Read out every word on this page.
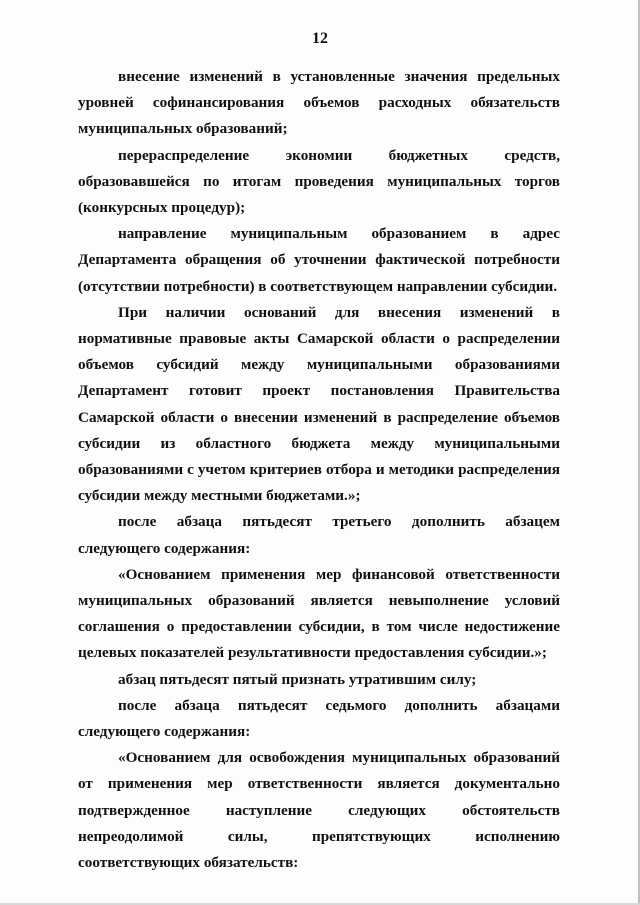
12

внесение изменений в установленные значения предельных уровней софинансирования объемов расходных обязательств муниципальных образований;

перераспределение экономии бюджетных средств, образовавшейся по итогам проведения муниципальных торгов (конкурсных процедур);

направление муниципальным образованием в адрес Департамента обращения об уточнении фактической потребности (отсутствии потребности) в соответствующем направлении субсидии.

При наличии оснований для внесения изменений в нормативные правовые акты Самарской области о распределении объемов субсидий между муниципальными образованиями Департамент готовит проект постановления Правительства Самарской области о внесении изменений в распределение объемов субсидии из областного бюджета между муниципальными образованиями с учетом критериев отбора и методики распределения субсидии между местными бюджетами.»;

после абзаца пятьдесят третьего дополнить абзацем следующего содержания:

«Основанием применения мер финансовой ответственности муниципальных образований является невыполнение условий соглашения о предоставлении субсидии, в том числе недостижение целевых показателей результативности предоставления субсидии.»;

абзац пятьдесят пятый признать утратившим силу;

после абзаца пятьдесят седьмого дополнить абзацами следующего содержания:

«Основанием для освобождения муниципальных образований от применения мер ответственности является документально подтвержденное наступление следующих обстоятельств непреодолимой силы, препятствующих исполнению соответствующих обязательств:
